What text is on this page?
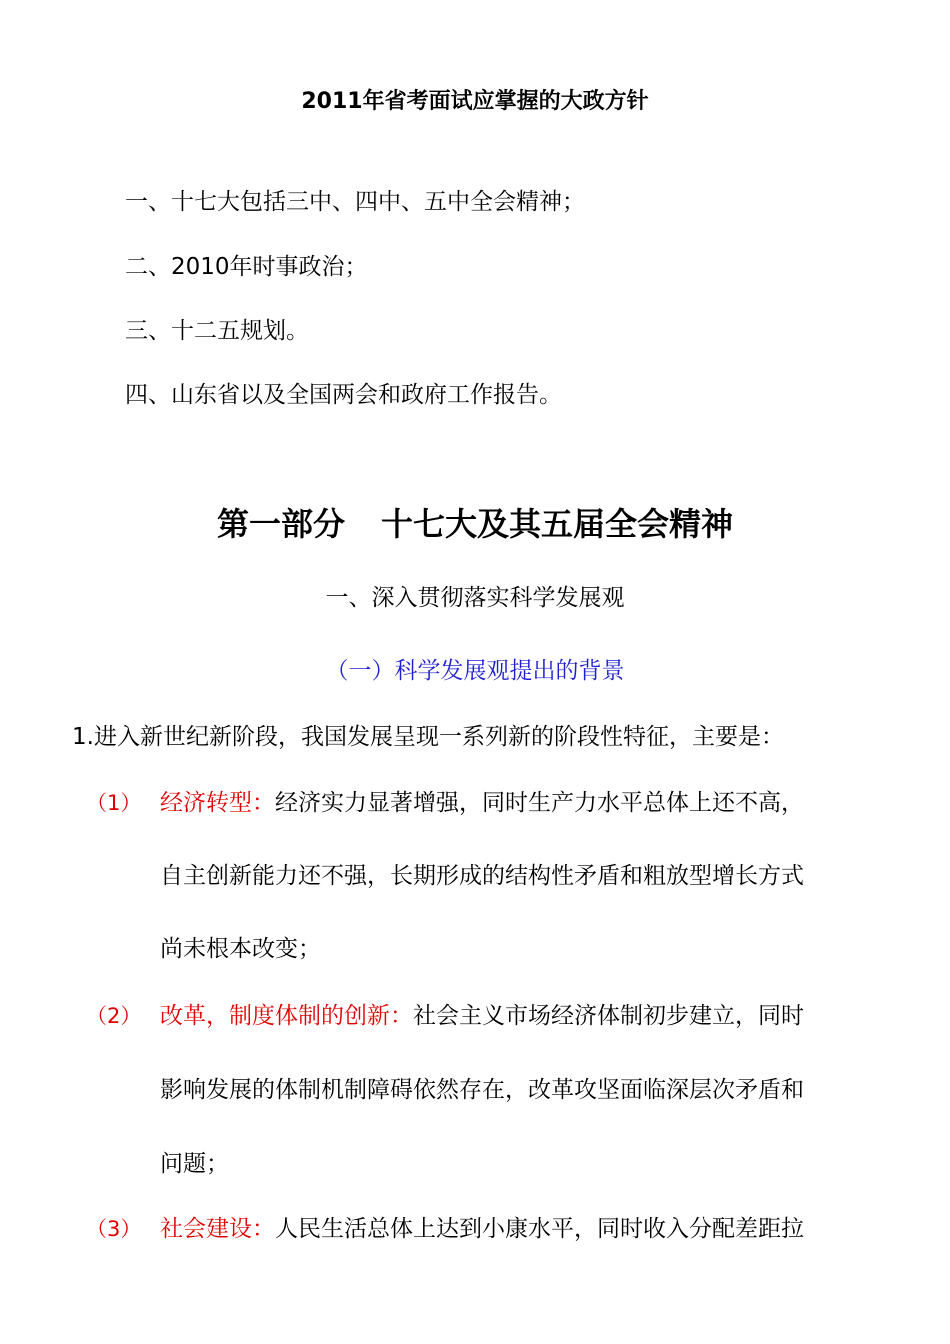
2011年省考面试应掌握的大政方针
一、十七大包括三中、四中、五中全会精神；
二、2010年时事政治；
三、十二五规划。
四、山东省以及全国两会和政府工作报告。
第一部分 十七大及其五届全会精神
一、深入贯彻落实科学发展观
（一）科学发展观提出的背景
1.进入新世纪新阶段，我国发展呈现一系列新的阶段性特征，主要是：
（1） 经济转型：经济实力显著增强，同时生产力水平总体上还不高，
自主创新能力还不强，长期形成的结构性矛盾和粗放型增长方式
尚未根本改变；
（2） 改革，制度体制的创新：社会主义市场经济体制初步建立，同时
影响发展的体制机制障碍依然存在，改革攻坚面临深层次矛盾和
问题；
（3） 社会建设：人民生活总体上达到小康水平，同时收入分配差距拉
